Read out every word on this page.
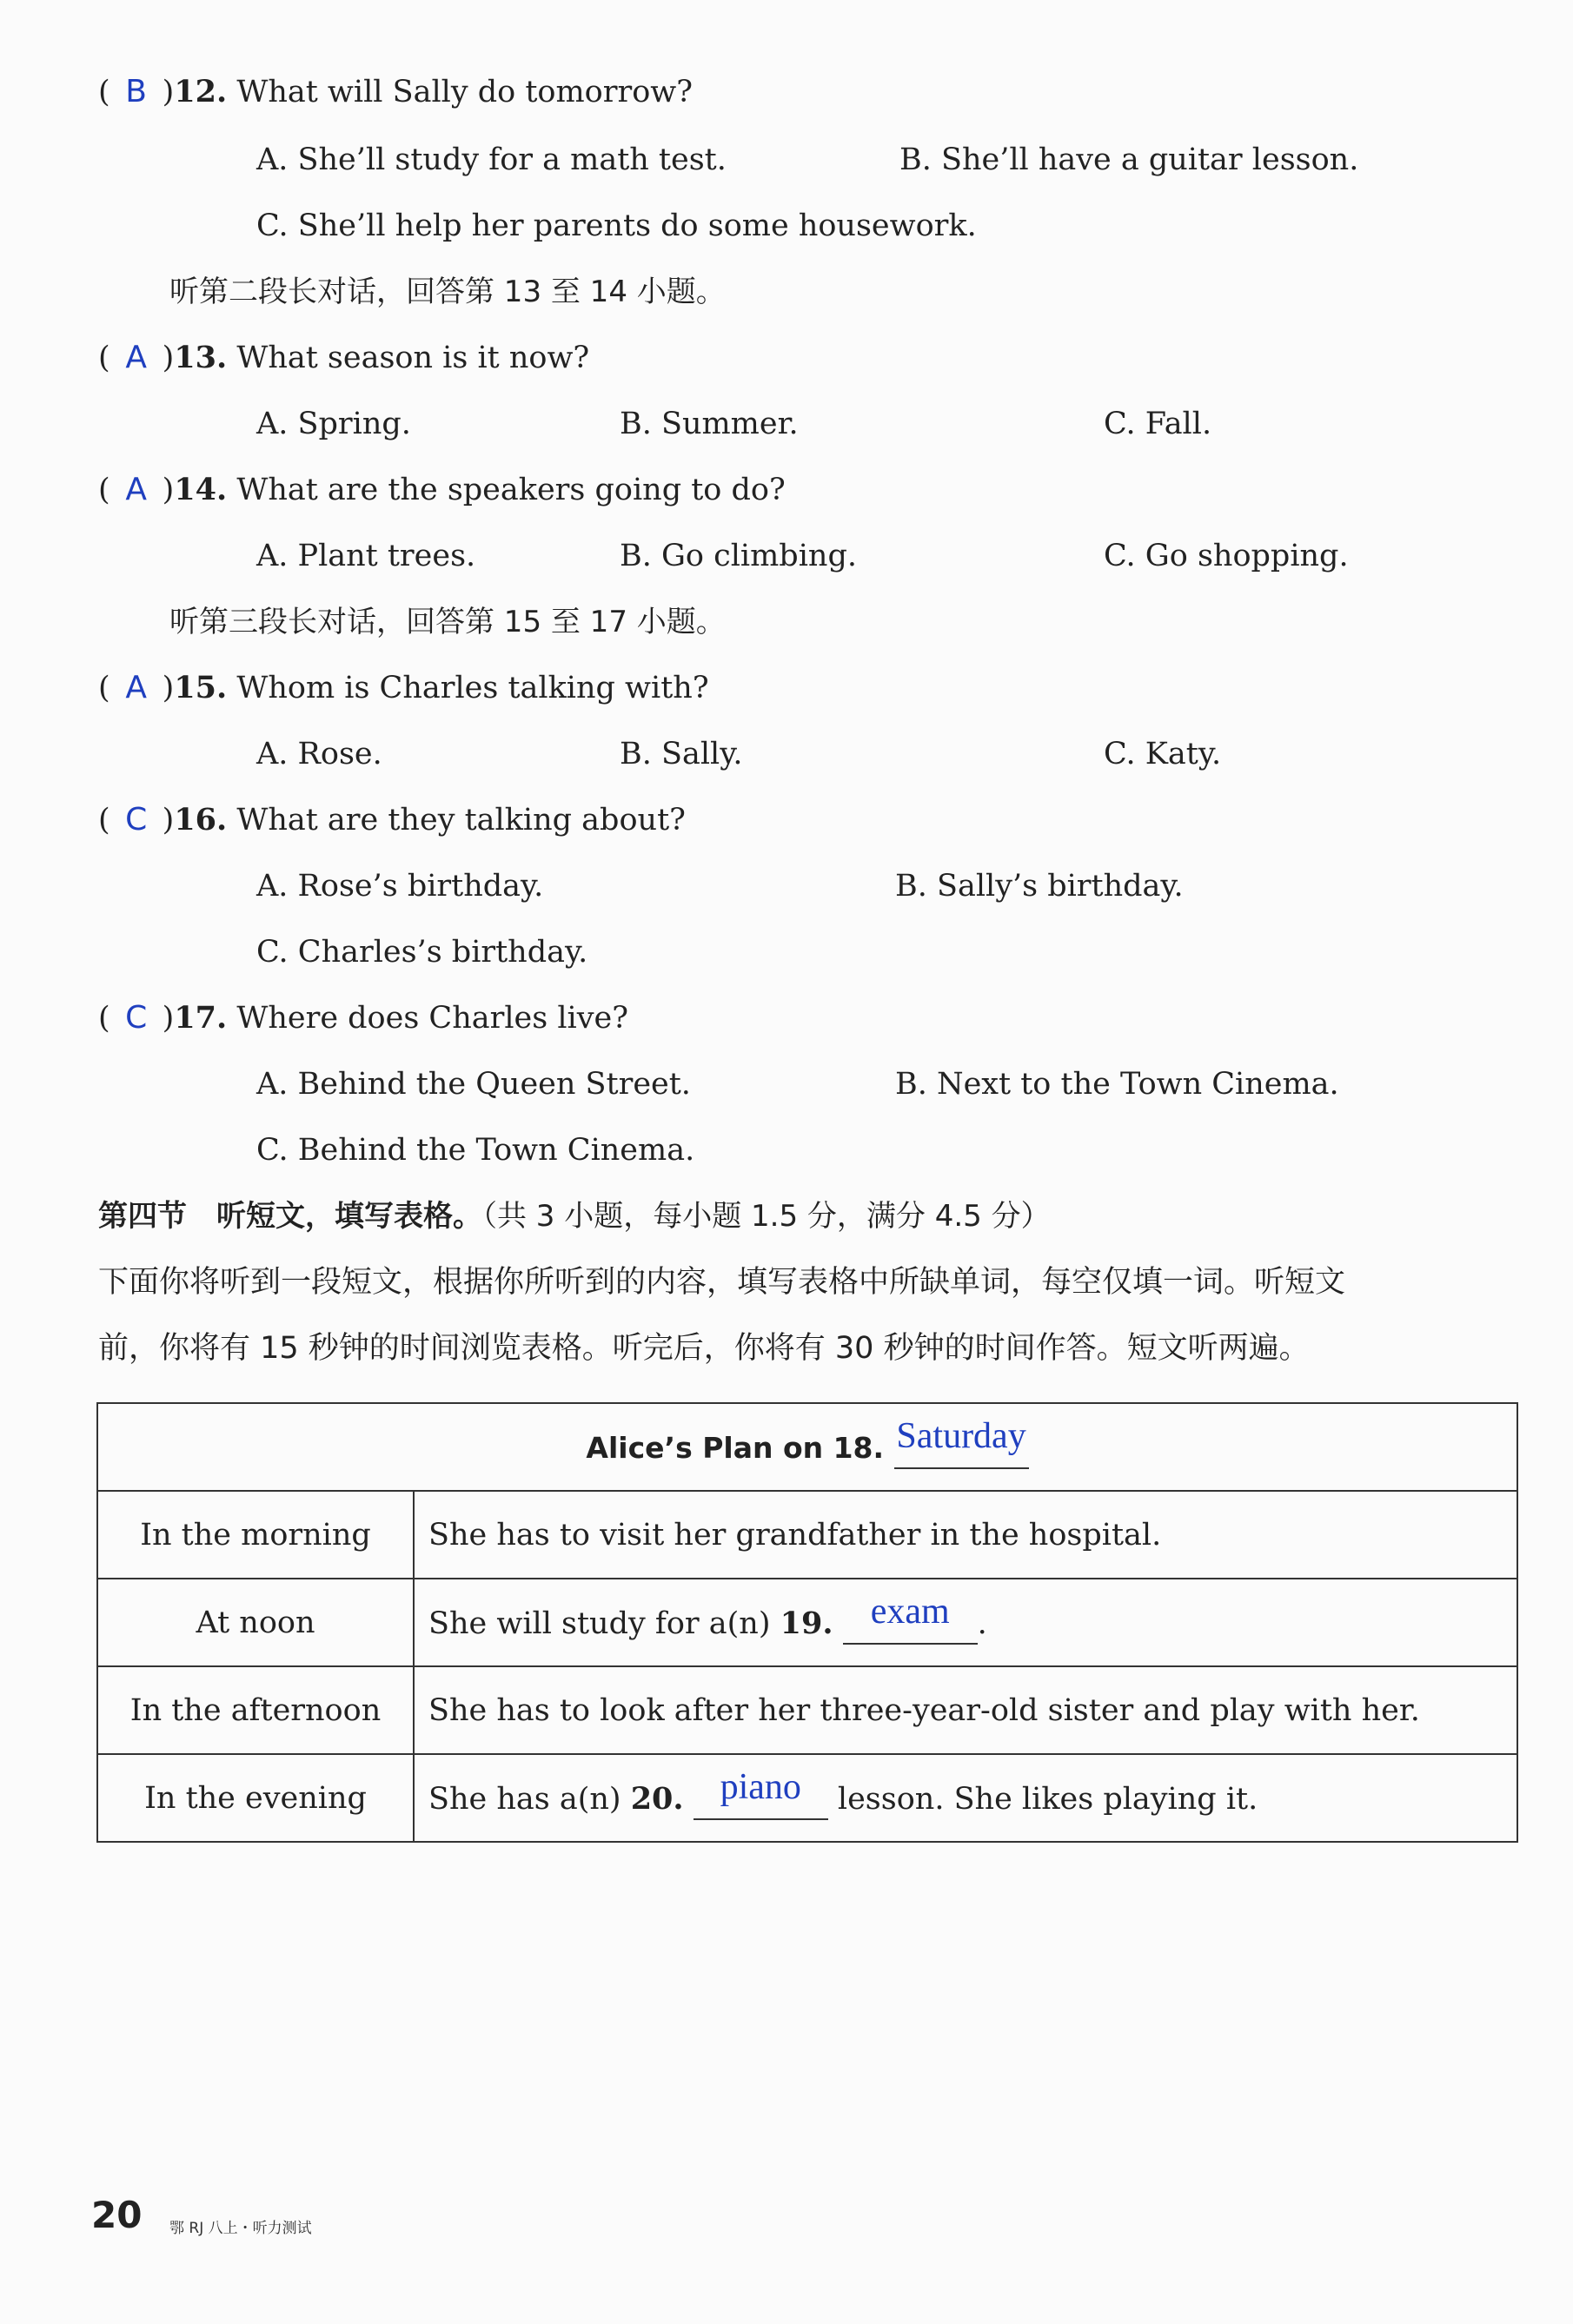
( B )12. What will Sally do tomorrow?
A. She’ll study for a math test.	B. She’ll have a guitar lesson.
C. She’ll help her parents do some housework.
听第二段长对话，回答第 13 至 14 小题。
( A )13. What season is it now?
A. Spring.	B. Summer.	C. Fall.
( A )14. What are the speakers going to do?
A. Plant trees.	B. Go climbing.	C. Go shopping.
听第三段长对话，回答第 15 至 17 小题。
( A )15. Whom is Charles talking with?
A. Rose.	B. Sally.	C. Katy.
( C )16. What are they talking about?
A. Rose’s birthday.	B. Sally’s birthday.
C. Charles’s birthday.
( C )17. Where does Charles live?
A. Behind the Queen Street.	B. Next to the Town Cinema.
C. Behind the Town Cinema.
第四节　听短文，填写表格。（共 3 小题，每小题 1.5 分，满分 4.5 分）
下面你将听到一段短文，根据你所听到的内容，填写表格中所缺单词，每空仅填一词。听短文
前，你将有 15 秒钟的时间浏览表格。听完后，你将有 30 秒钟的时间作答。短文听两遍。
Alice’s Plan on 18. Saturday	
In the morning	She has to visit her grandfather in the hospital.
At noon	She will study for a(n) 19. exam .
In the afternoon	She has to look after her three-year-old sister and play with her.
In the evening	She has a(n) 20. piano lesson. She likes playing it.
20 鄂 RJ 八上・听力测试
